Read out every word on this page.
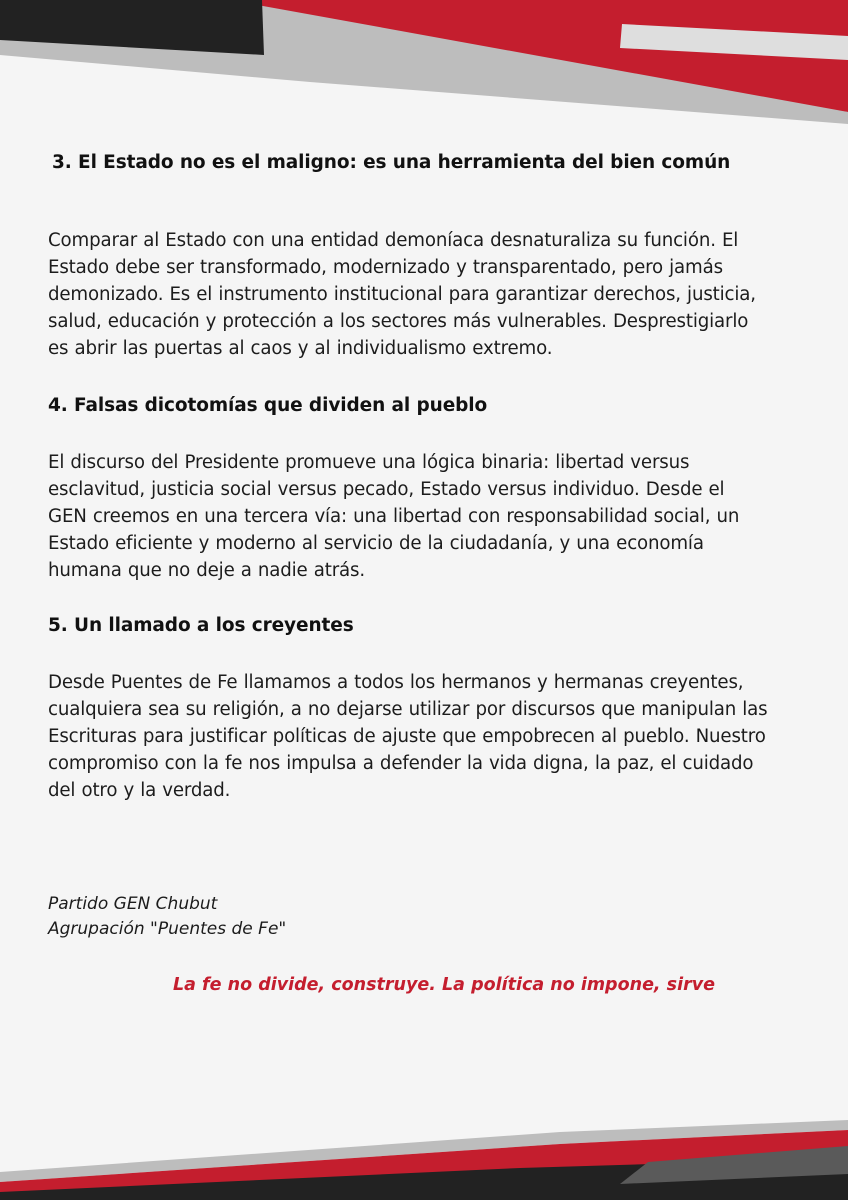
3. El Estado no es el maligno: es una herramienta del bien común

Comparar al Estado con una entidad demoníaca desnaturaliza su función. El Estado debe ser transformado, modernizado y transparentado, pero jamás demonizado. Es el instrumento institucional para garantizar derechos, justicia, salud, educación y protección a los sectores más vulnerables. Desprestigiarlo es abrir las puertas al caos y al individualismo extremo.

4. Falsas dicotomías que dividen al pueblo

El discurso del Presidente promueve una lógica binaria: libertad versus esclavitud, justicia social versus pecado, Estado versus individuo. Desde el GEN creemos en una tercera vía: una libertad con responsabilidad social, un Estado eficiente y moderno al servicio de la ciudadanía, y una economía humana que no deje a nadie atrás.

5. Un llamado a los creyentes

Desde Puentes de Fe llamamos a todos los hermanos y hermanas creyentes, cualquiera sea su religión, a no dejarse utilizar por discursos que manipulan las Escrituras para justificar políticas de ajuste que empobrecen al pueblo. Nuestro compromiso con la fe nos impulsa a defender la vida digna, la paz, el cuidado del otro y la verdad.

Partido GEN Chubut
Agrupación "Puentes de Fe"
La fe no divide, construye. La política no impone, sirve
